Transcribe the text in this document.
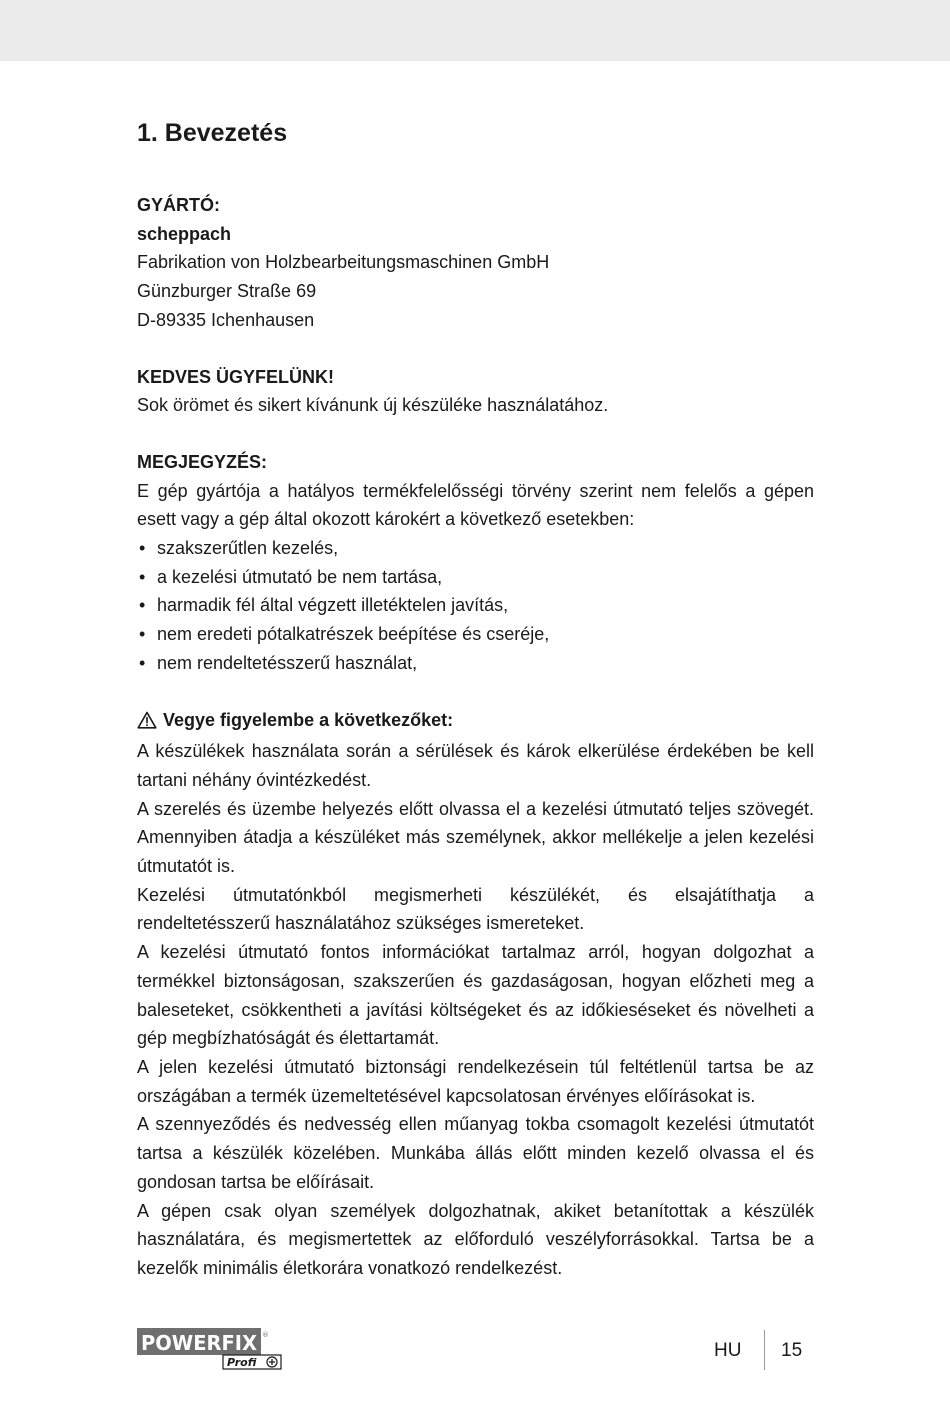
1. Bevezetés
GYÁRTÓ:
scheppach
Fabrikation von Holzbearbeitungsmaschinen GmbH
Günzburger Straße 69
D-89335 Ichenhausen
KEDVES ÜGYFELÜNK!
Sok örömet és sikert kívánunk új készüléke használatához.
MEGJEGYZÉS:
E gép gyártója a hatályos termékfelelősségi törvény szerint nem felelős a gépen esett vagy a gép által okozott károkért a következő esetekben:
• szakszerűtlen kezelés,
• a kezelési útmutató be nem tartása,
• harmadik fél által végzett illetéktelen javítás,
• nem eredeti pótalkatrészek beépítése és cseréje,
• nem rendeltetésszerű használat,
Vegye figyelembe a következőket:
A készülékek használata során a sérülések és károk elkerülése érdekében be kell tartani néhány óvintézkedést.
A szerelés és üzembe helyezés előtt olvassa el a kezelési útmutató teljes szövegét. Amennyiben átadja a készüléket más személynek, akkor mellékelje a jelen kezelési útmutatót is.
Kezelési útmutatónkból megismerheti készülékét, és elsajátíthatja a rendeltetésszerű használatához szükséges ismereteket.
A kezelési útmutató fontos információkat tartalmaz arról, hogyan dolgozhat a termékkel biztonságosan, szakszerűen és gazdaságosan, hogyan előzheti meg a baleseteket, csökkentheti a javítási költségeket és az időkieséseket és növelheti a gép megbízhatóságát és élettartamát.
A jelen kezelési útmutató biztonsági rendelkezésein túl feltétlenül tartsa be az országában a termék üzemeltetésével kapcsolatosan érvényes előírásokat is.
A szennyeződés és nedvesség ellen műanyag tokba csomagolt kezelési útmutatót tartsa a készülék közelében. Munkába állás előtt minden kezelő olvassa el és gondosan tartsa be előírásait.
A gépen csak olyan személyek dolgozhatnak, akiket betanítottak a készülék használatára, és megismertettek az előforduló veszélyforrásokkal. Tartsa be a kezelők minimális életkorára vonatkozó rendelkezést.
POWERFIX ®
Profi
HU 15
